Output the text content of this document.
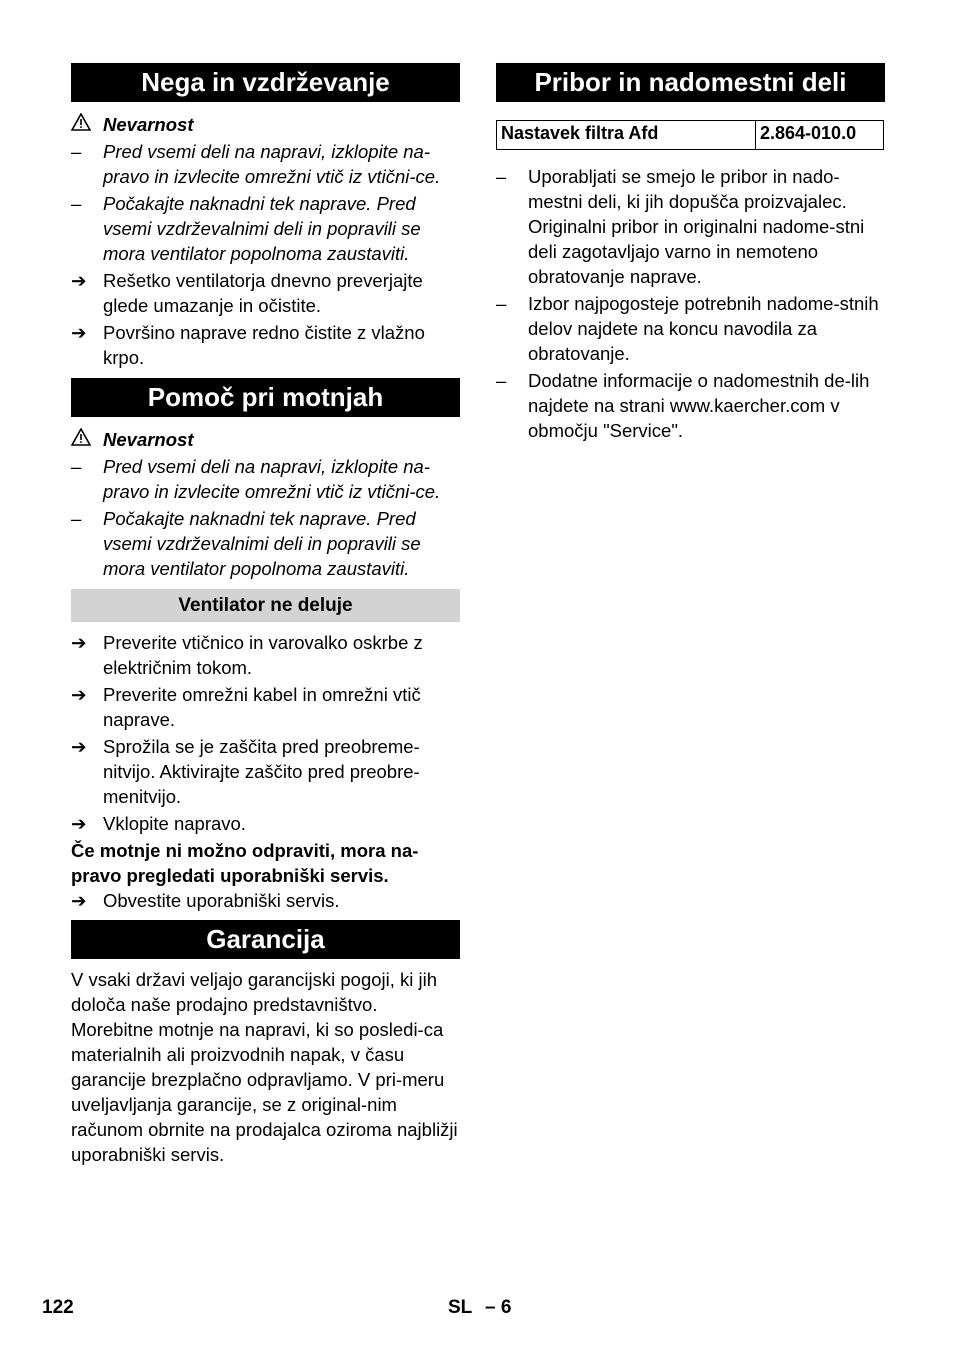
Nega in vzdrževanje
Nevarnost
–	Pred vsemi deli na napravi, izklopite na-pravo in izvlecite omrežni vtič iz vtični-ce.
–	Počakajte naknadni tek naprave. Pred vsemi vzdrževalnimi deli in popravili se mora ventilator popolnoma zaustaviti.
➔ Rešetko ventilatorja dnevno preverjajte glede umazanje in očistite.
➔ Površino naprave redno čistite z vlažno krpo.
Pomoč pri motnjah
Nevarnost
–	Pred vsemi deli na napravi, izklopite na-pravo in izvlecite omrežni vtič iz vtični-ce.
–	Počakajte naknadni tek naprave. Pred vsemi vzdrževalnimi deli in popravili se mora ventilator popolnoma zaustaviti.
Ventilator ne deluje
➔ Preverite vtičnico in varovalko oskrbe z električnim tokom.
➔ Preverite omrežni kabel in omrežni vtič naprave.
➔ Sprožila se je zaščita pred preobreme-nitvijo. Aktivirajte zaščito pred preobre-menitvijo.
➔ Vklopite napravo.

Če motnje ni možno odpraviti, mora na-pravo pregledati uporabniški servis.

➔ Obvestite uporabniški servis.
Garancija

V vsaki državi veljajo garancijski pogoji, ki jih določa naše prodajno predstavništvo. Morebitne motnje na napravi, ki so posledi-ca materialnih ali proizvodnih napak, v času garancije brezplačno odpravljamo. V pri-meru uveljavljanja garancije, se z original-nim računom obrnite na prodajalca oziroma najbližji uporabniški servis.

Pribor in nadomestni deli
Nastavek filtra Afd	2.864-010.0
–	Uporabljati se smejo le pribor in nado-mestni deli, ki jih dopušča proizvajalec. Originalni pribor in originalni nadome-stni deli zagotavljajo varno in nemoteno obratovanje naprave.
–	Izbor najpogosteje potrebnih nadome-stnih delov najdete na koncu navodila za obratovanje.
–	Dodatne informacije o nadomestnih de-lih najdete na strani www.kaercher.com v območju "Service".
122	SL – 6
